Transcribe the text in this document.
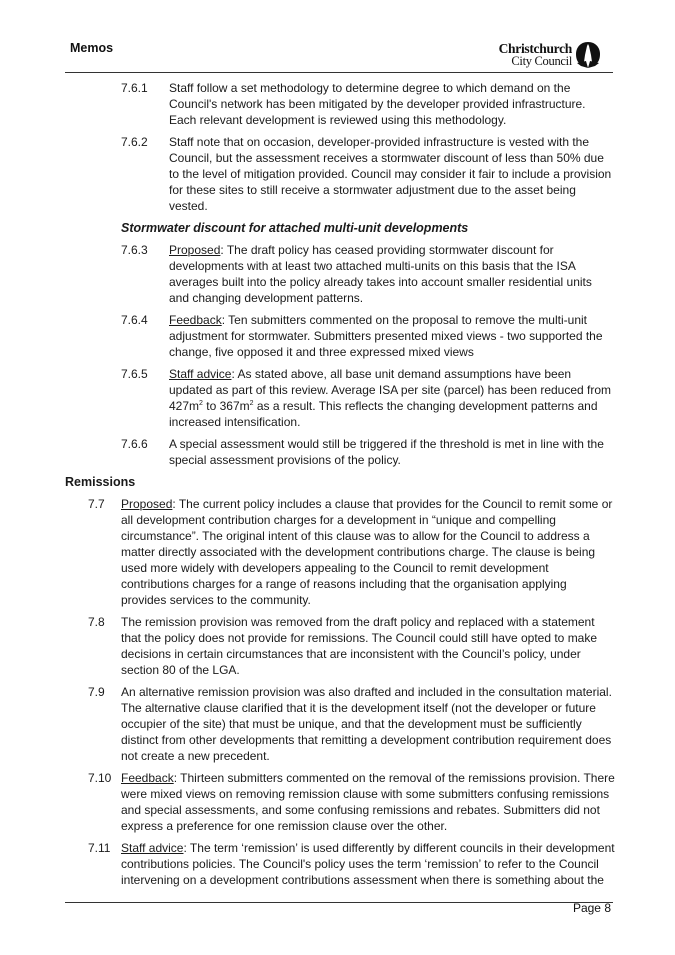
Memos	Christchurch
City Council
7.6.1 Staff follow a set methodology to determine degree to which demand on the Council's network has been mitigated by the developer provided infrastructure. Each relevant development is reviewed using this methodology.
7.6.2 Staff note that on occasion, developer-provided infrastructure is vested with the Council, but the assessment receives a stormwater discount of less than 50% due to the level of mitigation provided. Council may consider it fair to include a provision for these sites to still receive a stormwater adjustment due to the asset being vested.
Stormwater discount for attached multi-unit developments
7.6.3 Proposed: The draft policy has ceased providing stormwater discount for developments with at least two attached multi-units on this basis that the ISA averages built into the policy already takes into account smaller residential units and changing development patterns.
7.6.4 Feedback: Ten submitters commented on the proposal to remove the multi-unit adjustment for stormwater. Submitters presented mixed views - two supported the change, five opposed it and three expressed mixed views
7.6.5 Staff advice: As stated above, all base unit demand assumptions have been updated as part of this review. Average ISA per site (parcel) has been reduced from $427m^2$ to $367m^2$ as a result. This reflects the changing development patterns and increased intensification.
7.6.6 A special assessment would still be triggered if the threshold is met in line with the special assessment provisions of the policy.
Remissions
7.7 Proposed: The current policy includes a clause that provides for the Council to remit some or all development contribution charges for a development in “unique and compelling circumstance”. The original intent of this clause was to allow for the Council to address a matter directly associated with the development contributions charge. The clause is being used more widely with developers appealing to the Council to remit development contributions charges for a range of reasons including that the organisation applying provides services to the community.
7.8 The remission provision was removed from the draft policy and replaced with a statement that the policy does not provide for remissions. The Council could still have opted to make decisions in certain circumstances that are inconsistent with the Council’s policy, under section 80 of the LGA.
7.9 An alternative remission provision was also drafted and included in the consultation material. The alternative clause clarified that it is the development itself (not the developer or future occupier of the site) that must be unique, and that the development must be sufficiently distinct from other developments that remitting a development contribution requirement does not create a new precedent.
7.10 Feedback: Thirteen submitters commented on the removal of the remissions provision. There were mixed views on removing remission clause with some submitters confusing remissions and special assessments, and some confusing remissions and rebates. Submitters did not express a preference for one remission clause over the other.
7.11 Staff advice: The term ‘remission’ is used differently by different councils in their development contributions policies. The Council's policy uses the term ‘remission’ to refer to the Council intervening on a development contributions assessment when there is something about the
Page 8
